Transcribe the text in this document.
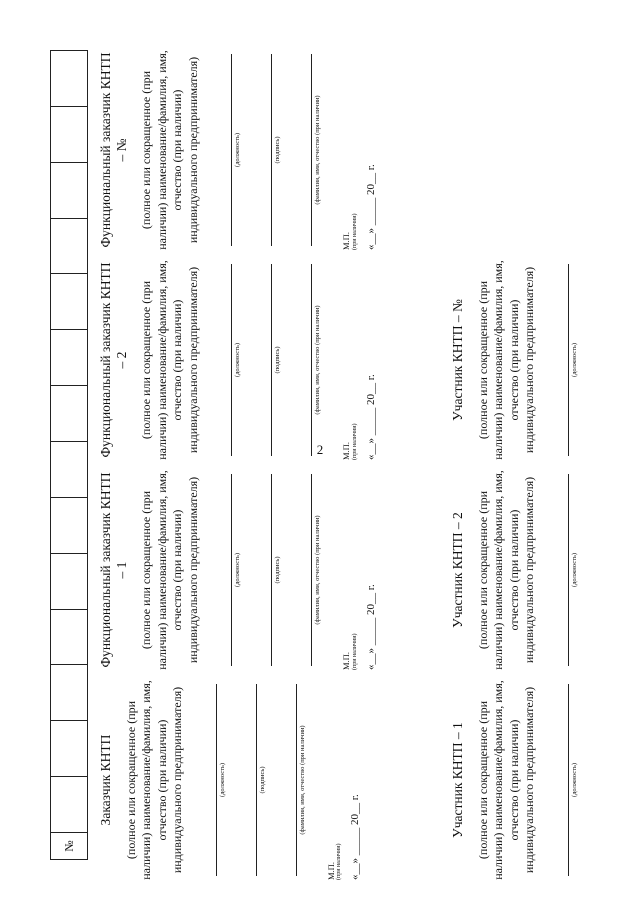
2
№
Заказчик КНТП (полное или сокращенное (при наличии) наименование/фамилия, имя, отчество (при наличии) индивидуального предпринимателя)	(должность)	(подпись)	(фамилия, имя, отчество (при наличии)
М.П. (при наличии) «__» _____ 20__ г.
Функциональный заказчик КНТП – 1 (полное или сокращенное (при наличии) наименование/фамилия, имя, отчество (при наличии) индивидуального предпринимателя)	(должность)	(подпись)	(фамилия, имя, отчество (при наличии)
М.П. (при наличии) «__» _____ 20__ г.
Функциональный заказчик КНТП – 2 (полное или сокращенное (при наличии) наименование/фамилия, имя, отчество (при наличии) индивидуального предпринимателя)	(должность)	(подпись)	(фамилия, имя, отчество (при наличии)
М.П. (при наличии) «__» _____ 20__ г.
Функциональный заказчик КНТП – № (полное или сокращенное (при наличии) наименование/фамилия, имя, отчество (при наличии) индивидуального предпринимателя)	(должность)	(подпись)	(фамилия, имя, отчество (при наличии)
М.П. (при наличии) «__» _____ 20__ г.
Участник КНТП – 1 (полное или сокращенное (при наличии) наименование/фамилия, имя, отчество (при наличии) индивидуального предпринимателя)	(должность)
Участник КНТП – 2 (полное или сокращенное (при наличии) наименование/фамилия, имя, отчество (при наличии) индивидуального предпринимателя)	(должность)
Участник КНТП – № (полное или сокращенное (при наличии) наименование/фамилия, имя, отчество (при наличии) индивидуального предпринимателя)	(должность)
